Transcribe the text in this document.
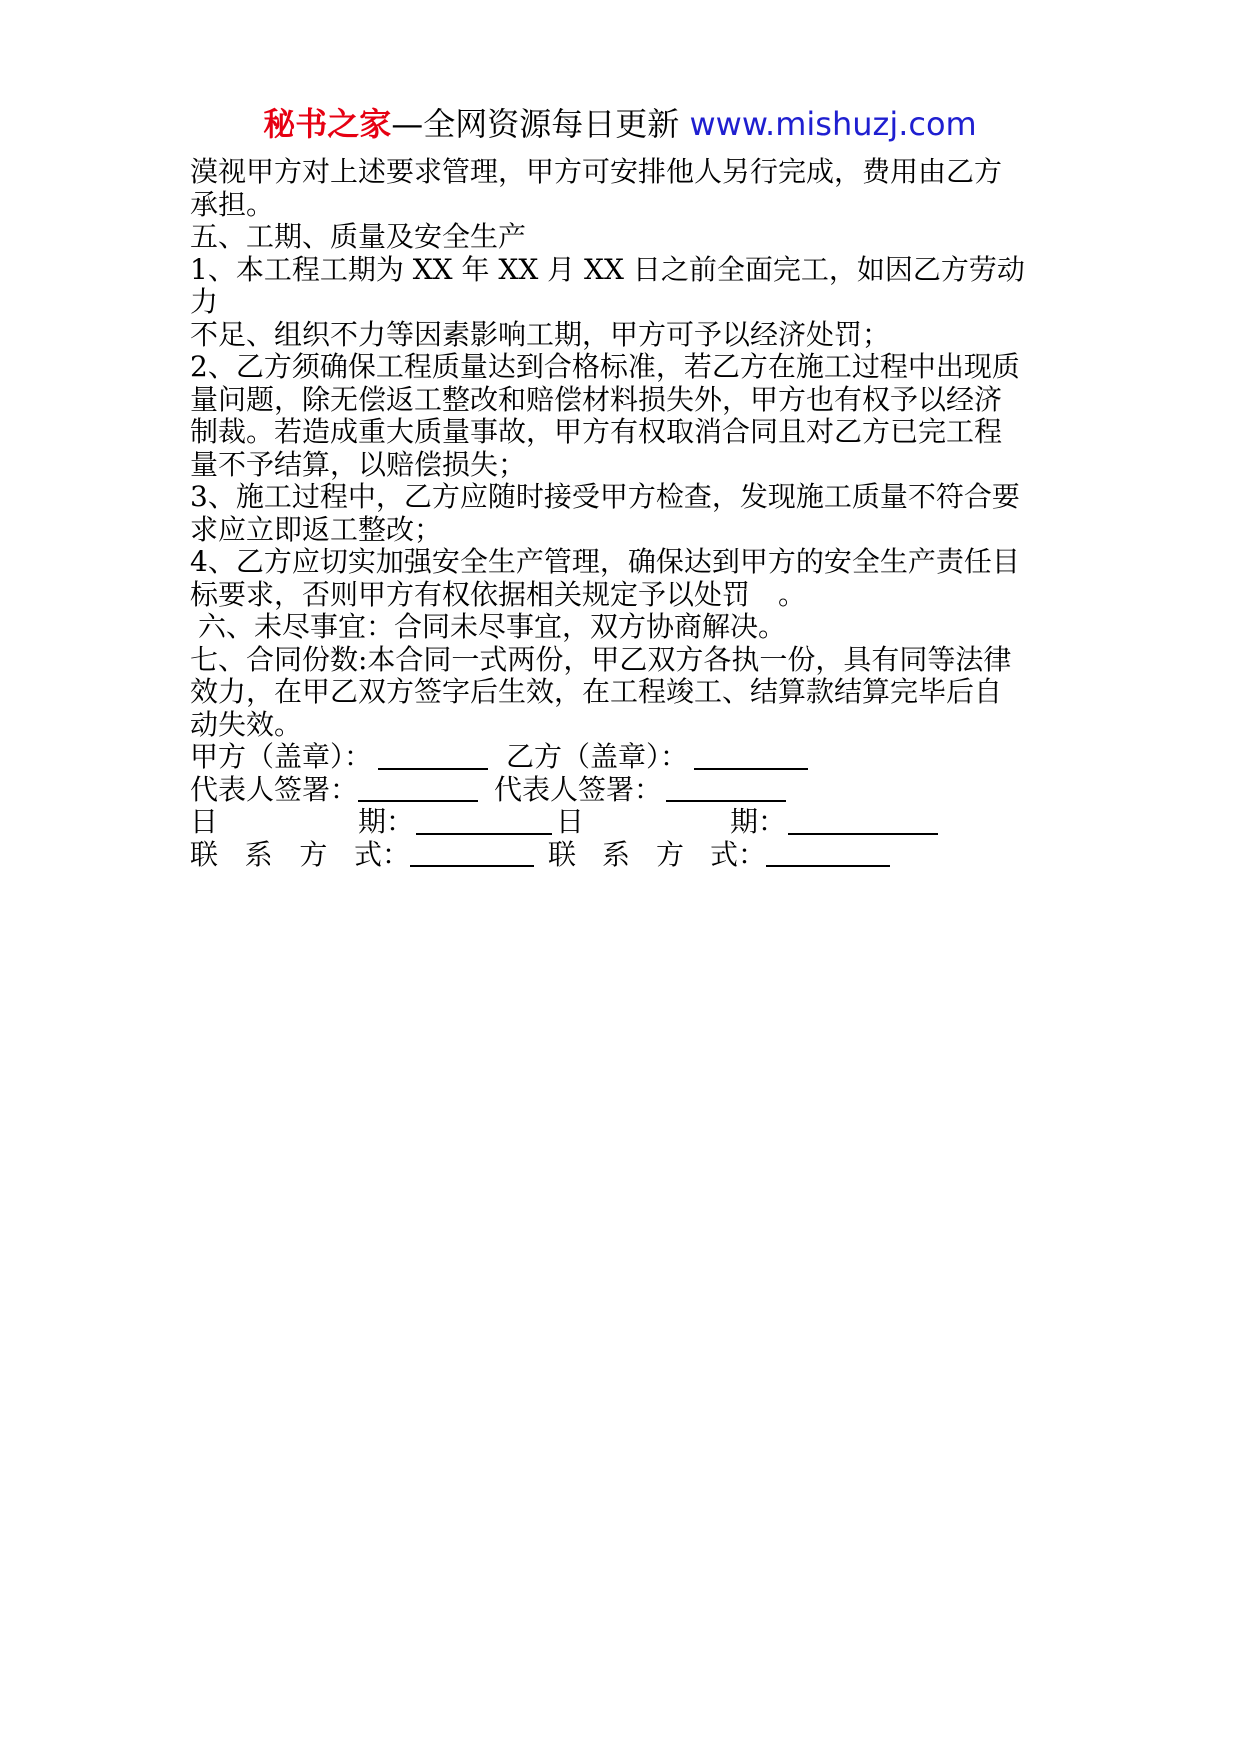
秘书之家—全网资源每日更新 www.mishuzj.com
漠视甲方对上述要求管理，甲方可安排他人另行完成，费用由乙方
承担。
五、工期、质量及安全生产
1、本工程工期为 XX 年 XX 月 XX 日之前全面完工，如因乙方劳动
力
不足、组织不力等因素影响工期，甲方可予以经济处罚；
2、乙方须确保工程质量达到合格标准，若乙方在施工过程中出现质
量问题，除无偿返工整改和赔偿材料损失外，甲方也有权予以经济
制裁。若造成重大质量事故，甲方有权取消合同且对乙方已完工程
量不予结算，以赔偿损失；
3、施工过程中，乙方应随时接受甲方检查，发现施工质量不符合要
求应立即返工整改；
4、乙方应切实加强安全生产管理，确保达到甲方的安全生产责任目
标要求，否则甲方有权依据相关规定予以处罚　。
六、未尽事宜：合同未尽事宜，双方协商解决。
七、合同份数:本合同一式两份，甲乙双方各执一份，具有同等法律
效力，在甲乙双方签字后生效，在工程竣工、结算款结算完毕后自
动失效。
甲方（盖章）：	乙方（盖章）：
代表人签署：	代表人签署：
日	期：	日	期：
联 系 方 式：	联 系 方 式：
